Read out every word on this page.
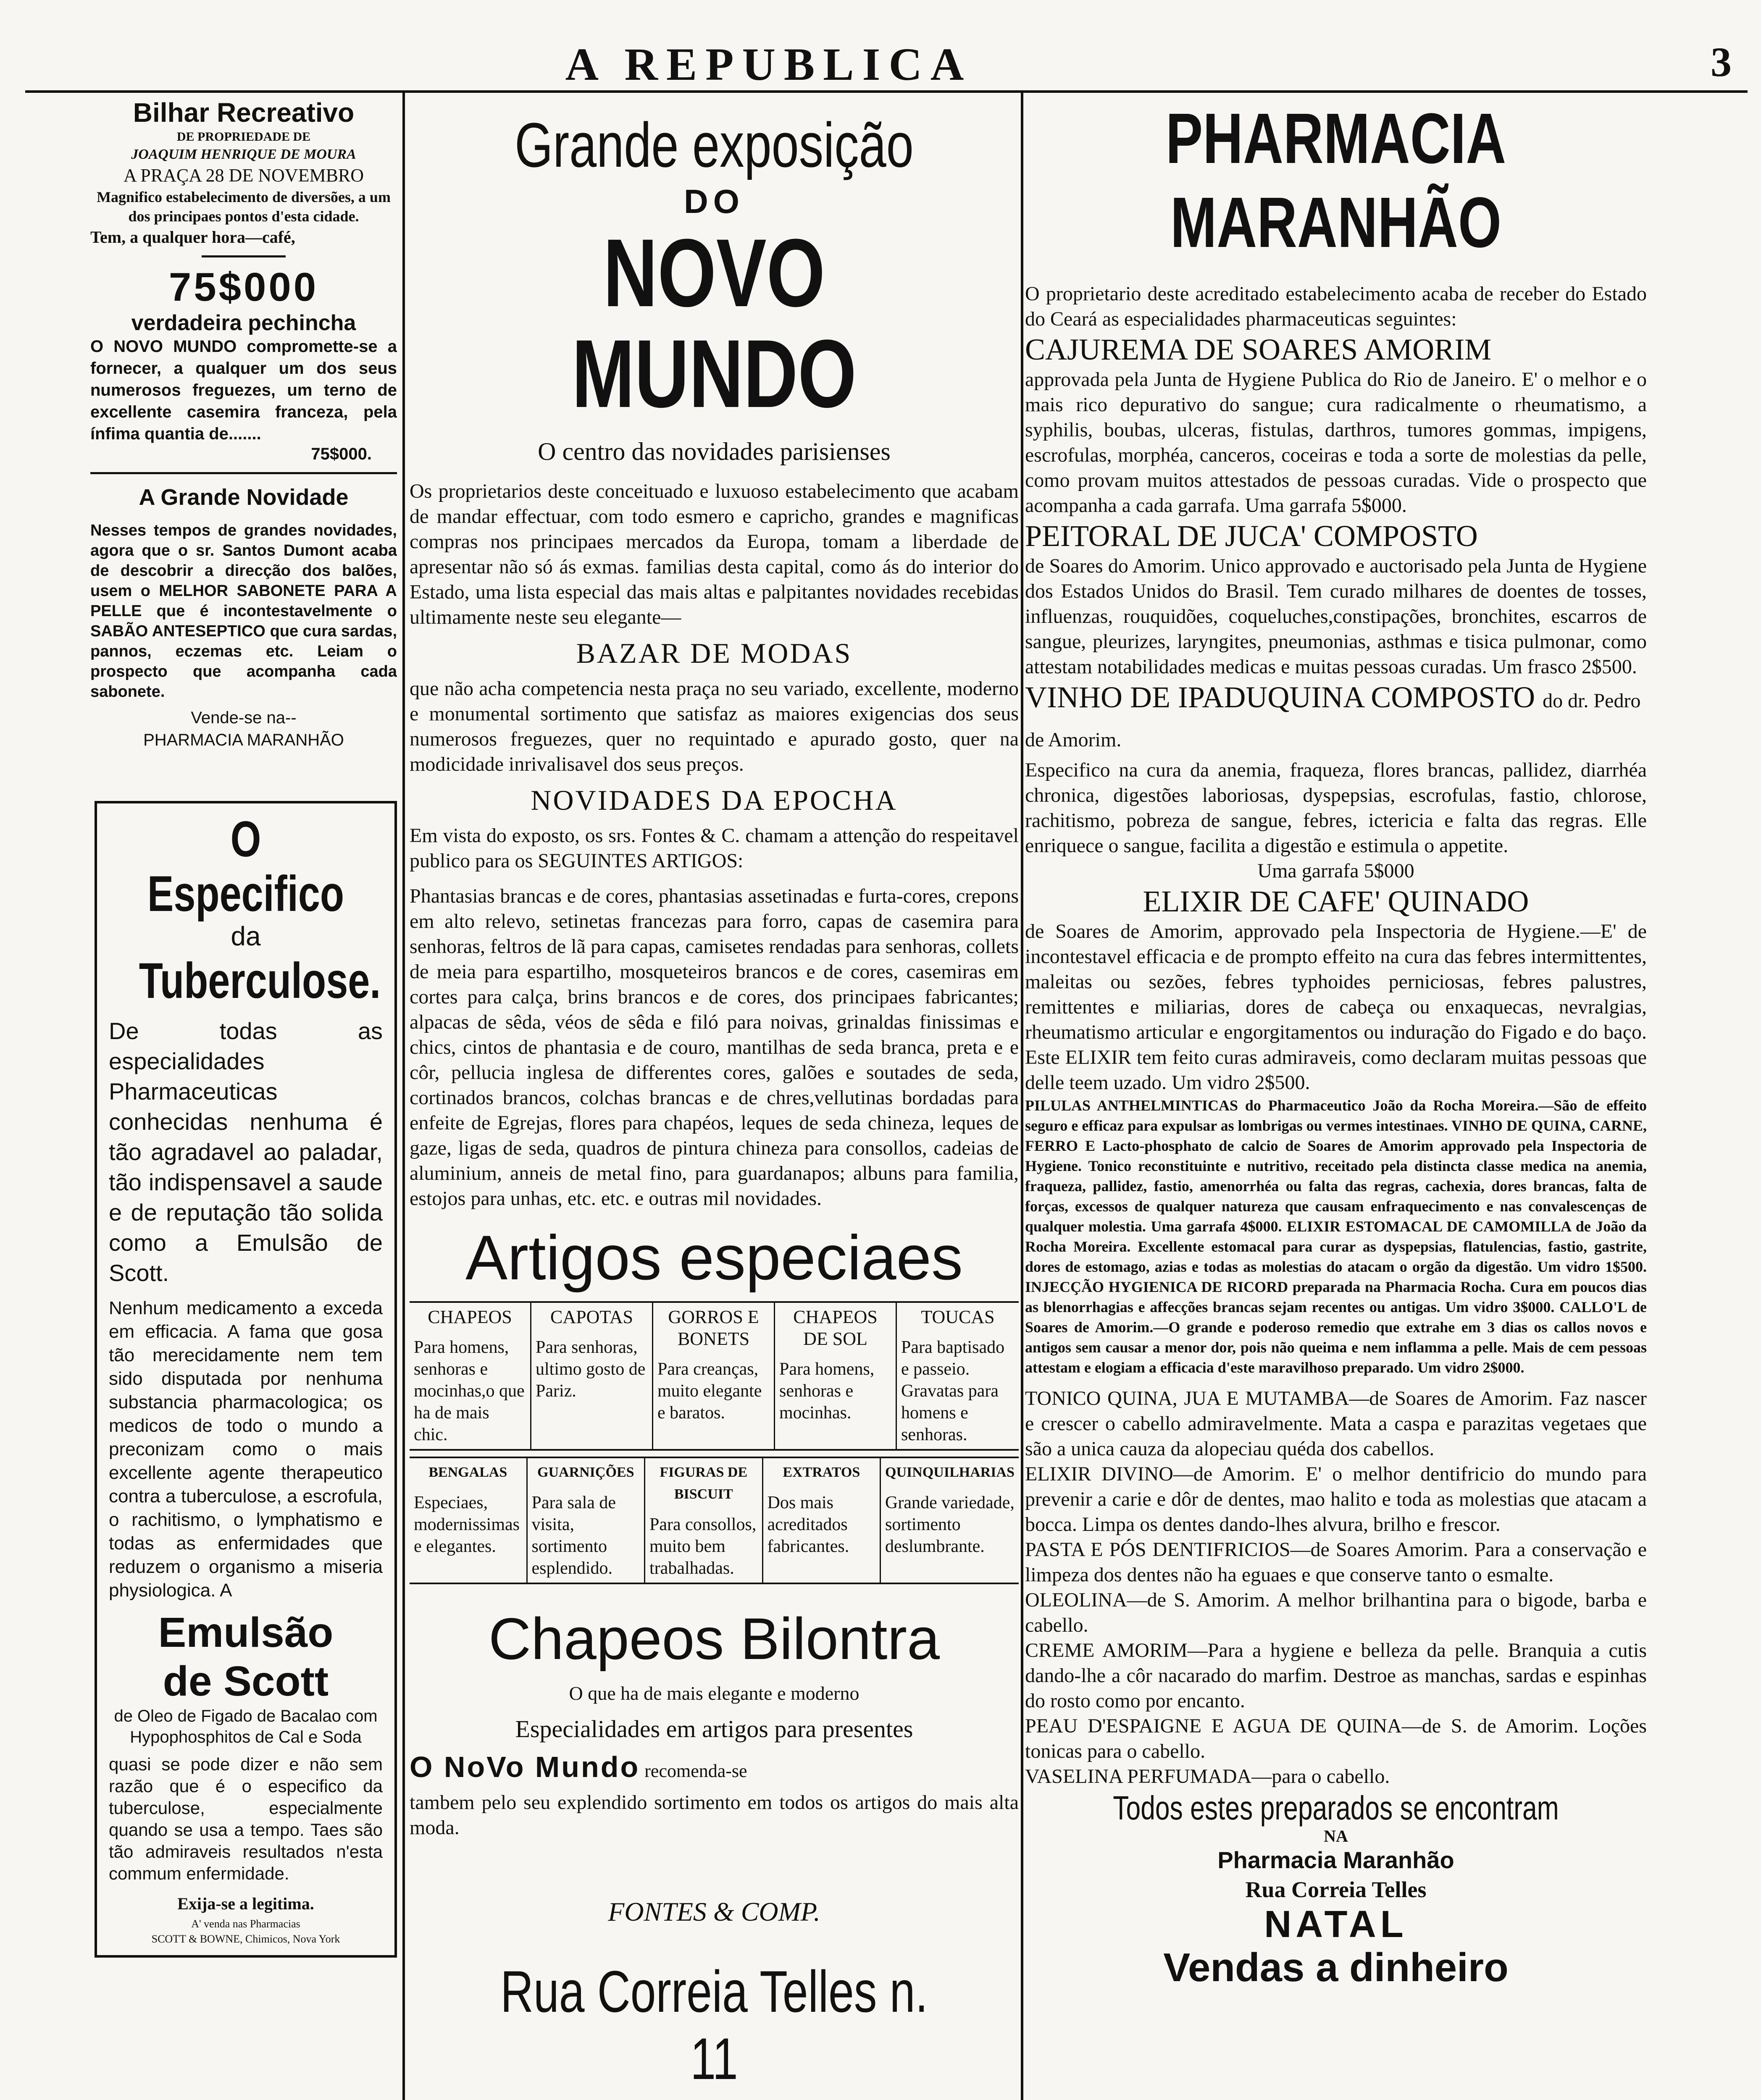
A REPUBLICA	3

Bilhar Recreativo

DE PROPRIEDADE DE

JOAQUIM HENRIQUE DE MOURA

A PRAÇA 28 DE NOVEMBRO

Magnifico estabelecimento de diversões, a um dos principaes pontos d'esta cidade.

Tem, a qualquer hora—café,

75$000

verdadeira pechincha

O NOVO MUNDO compromette-se a fornecer, a qualquer um dos seus numerosos freguezes, um terno de excellente casemira franceza, pela ínfima quantia de.......

75$000.

A Grande Novidade

Nesses tempos de grandes novidades, agora que o sr. Santos Dumont acaba de descobrir a direcção dos balões, usem o MELHOR SABONETE PARA A PELLE que é incontestavelmente o SABÃO ANTESEPTICO que cura sardas, pannos, eczemas etc. Leiam o prospecto que acompanha cada sabonete.

Vende-se na--

PHARMACIA MARANHÃO

O Especifico

da

Tuberculose.

De todas as especialidades Pharmaceuticas conhecidas nenhuma é tão agradavel ao paladar, tão indispensavel a saude e de reputação tão solida como a Emulsão de Scott.

Nenhum medicamento a exceda em efficacia. A fama que gosa tão merecidamente nem tem sido disputada por nenhuma substancia pharmacologica; os medicos de todo o mundo a preconizam como o mais excellente agente therapeutico contra a tuberculose, a escrofula, o rachitismo, o lymphatismo e todas as enfermidades que reduzem o organismo a miseria physiologica. A

Emulsão

de Scott

de Oleo de Figado de Bacalao com Hypophosphitos de Cal e Soda

quasi se pode dizer e não sem razão que é o especifico da tuberculose, especialmente quando se usa a tempo. Taes são tão admiraveis resultados n'esta commum enfermidade.

Exija-se a legitima.

A' venda nas Pharmacias

SCOTT & BOWNE, Chimicos, Nova York

Grande exposição

DO

NOVO MUNDO

O centro das novidades parisienses

Os proprietarios deste conceituado e luxuoso estabelecimento que acabam de mandar effectuar, com todo esmero e capricho, grandes e magnificas compras nos principaes mercados da Europa, tomam a liberdade de apresentar não só ás exmas. familias desta capital, como ás do interior do Estado, uma lista especial das mais altas e palpitantes novidades recebidas ultimamente neste seu elegante—

BAZAR DE MODAS

que não acha competencia nesta praça no seu variado, excellente, moderno e monumental sortimento que satisfaz as maiores exigencias dos seus numerosos freguezes, quer no requintado e apurado gosto, quer na modicidade inrivalisavel dos seus preços.

NOVIDADES DA EPOCHA

Em vista do exposto, os srs. Fontes & C. chamam a attenção do respeitavel publico para os SEGUINTES ARTIGOS:

Phantasias brancas e de cores, phantasias assetinadas e furta-cores, crepons em alto relevo, setinetas francezas para forro, capas de casemira para senhoras, feltros de lã para capas, camisetes rendadas para senhoras, collets de meia para espartilho, mosqueteiros brancos e de cores, casemiras em cortes para calça, brins brancos e de cores, dos principaes fabricantes; alpacas de sêda, véos de sêda e filó para noivas, grinaldas finissimas e chics, cintos de phantasia e de couro, mantilhas de seda branca, preta e e côr, pellucia inglesa de differentes cores, galões e soutades de seda, cortinados brancos, colchas brancas e de chres,vellutinas bordadas para enfeite de Egrejas, flores para chapéos, leques de seda chineza, leques de gaze, ligas de seda, quadros de pintura chineza para consollos, cadeias de aluminium, anneis de metal fino, para guardanapos; albuns para familia, estojos para unhas, etc. etc. e outras mil novidades.

Artigos especiaes

CHAPEOS

Para homens, senhoras e mocinhas,o que ha de mais chic.

CAPOTAS

Para senhoras, ultimo gosto de Pariz.

GORROS E BONETS

Para creanças, muito elegante e baratos.

CHAPEOS DE SOL

Para homens, senhoras e mocinhas.

TOUCAS

Para baptisado e passeio. Gravatas para homens e senhoras.

BENGALAS

Especiaes, modernissimas e elegantes.

GUARNIÇÕES

Para sala de visita, sortimento esplendido.

FIGURAS DE BISCUIT

Para consollos, muito bem trabalhadas.

EXTRATOS

Dos mais acreditados fabricantes.

QUINQUILHARIAS

Grande variedade, sortimento deslumbrante.

Chapeos Bilontra

O que ha de mais elegante e moderno

Especialidades em artigos para presentes

O NoVo Mundo recomenda-se

tambem pelo seu explendido sortimento em todos os artigos do mais alta moda.

FONTES & COMP.

Rua Correia Telles n. 11

PHARMACIA MARANHÃO

O proprietario deste acreditado estabelecimento acaba de receber do Estado do Ceará as especialidades pharmaceuticas seguintes:

CAJUREMA DE SOARES AMORIM

approvada pela Junta de Hygiene Publica do Rio de Janeiro. E' o melhor e o mais rico depurativo do sangue; cura radicalmente o rheumatismo, a syphilis, boubas, ulceras, fistulas, darthros, tumores gommas, impigens, escrofulas, morphéa, canceros, coceiras e toda a sorte de molestias da pelle, como provam muitos attestados de pessoas curadas. Vide o prospecto que acompanha a cada garrafa. Uma garrafa 5$000.

PEITORAL DE JUCA' COMPOSTO

de Soares do Amorim. Unico approvado e auctorisado pela Junta de Hygiene dos Estados Unidos do Brasil. Tem curado milhares de doentes de tosses, influenzas, rouquidões, coqueluches,constipações, bronchites, escarros de sangue, pleurizes, laryngites, pneumonias, asthmas e tisica pulmonar, como attestam notabilidades medicas e muitas pessoas curadas. Um frasco 2$500.

VINHO DE IPADUQUINA COMPOSTO do dr. Pedro de Amorim.

Especifico na cura da anemia, fraqueza, flores brancas, pallidez, diarrhéa chronica, digestões laboriosas, dyspepsias, escrofulas, fastio, chlorose, rachitismo, pobreza de sangue, febres, ictericia e falta das regras. Elle enriquece o sangue, facilita a digestão e estimula o appetite.

Uma garrafa 5$000

ELIXIR DE CAFE' QUINADO

de Soares de Amorim, approvado pela Inspectoria de Hygiene.—E' de incontestavel efficacia e de prompto effeito na cura das febres intermittentes, maleitas ou sezões, febres typhoides perniciosas, febres palustres, remittentes e miliarias, dores de cabeça ou enxaquecas, nevralgias, rheumatismo articular e engorgitamentos ou induração do Figado e do baço. Este ELIXIR tem feito curas admiraveis, como declaram muitas pessoas que delle teem uzado. Um vidro 2$500.

PILULAS ANTHELMINTICAS do Pharmaceutico João da Rocha Moreira.—São de effeito seguro e efficaz para expulsar as lombrigas ou vermes intestinaes. VINHO DE QUINA, CARNE, FERRO E Lacto-phosphato de calcio de Soares de Amorim approvado pela Inspectoria de Hygiene. Tonico reconstituinte e nutritivo, receitado pela distincta classe medica na anemia, fraqueza, pallidez, fastio, amenorrhéa ou falta das regras, cachexia, dores brancas, falta de forças, excessos de qualquer natureza que causam enfraquecimento e nas convalescenças de qualquer molestia. Uma garrafa 4$000. ELIXIR ESTOMACAL DE CAMOMILLA de João da Rocha Moreira. Excellente estomacal para curar as dyspepsias, flatulencias, fastio, gastrite, dores de estomago, azias e todas as molestias do atacam o orgão da digestão. Um vidro 1$500. INJECÇÃO HYGIENICA DE RICORD preparada na Pharmacia Rocha. Cura em poucos dias as blenorrhagias e affecções brancas sejam recentes ou antigas. Um vidro 3$000. CALLO'L de Soares de Amorim.—O grande e poderoso remedio que extrahe em 3 dias os callos novos e antigos sem causar a menor dor, pois não queima e nem inflamma a pelle. Mais de cem pessoas attestam e elogiam a efficacia d'este maravilhoso preparado. Um vidro 2$000.

TONICO QUINA, JUA E MUTAMBA—de Soares de Amorim. Faz nascer e crescer o cabello admiravelmente. Mata a caspa e parazitas vegetaes que são a unica cauza da alopeciau quéda dos cabellos.

ELIXIR DIVINO—de Amorim. E' o melhor dentifricio do mundo para prevenir a carie e dôr de dentes, mao halito e toda as molestias que atacam a bocca. Limpa os dentes dando-lhes alvura, brilho e frescor.

PASTA E PÓS DENTIFRICIOS—de Soares Amorim. Para a conservação e limpeza dos dentes não ha eguaes e que conserve tanto o esmalte.

OLEOLINA—de S. Amorim. A melhor brilhantina para o bigode, barba e cabello.

CREME AMORIM—Para a hygiene e belleza da pelle. Branquia a cutis dando-lhe a côr nacarado do marfim. Destroe as manchas, sardas e espinhas do rosto como por encanto.

PEAU D'ESPAIGNE E AGUA DE QUINA—de S. de Amorim. Loções tonicas para o cabello.

VASELINA PERFUMADA—para o cabello.

Todos estes preparados se encontram

NA

Pharmacia Maranhão

Rua Correia Telles

NATAL

Vendas a dinheiro
